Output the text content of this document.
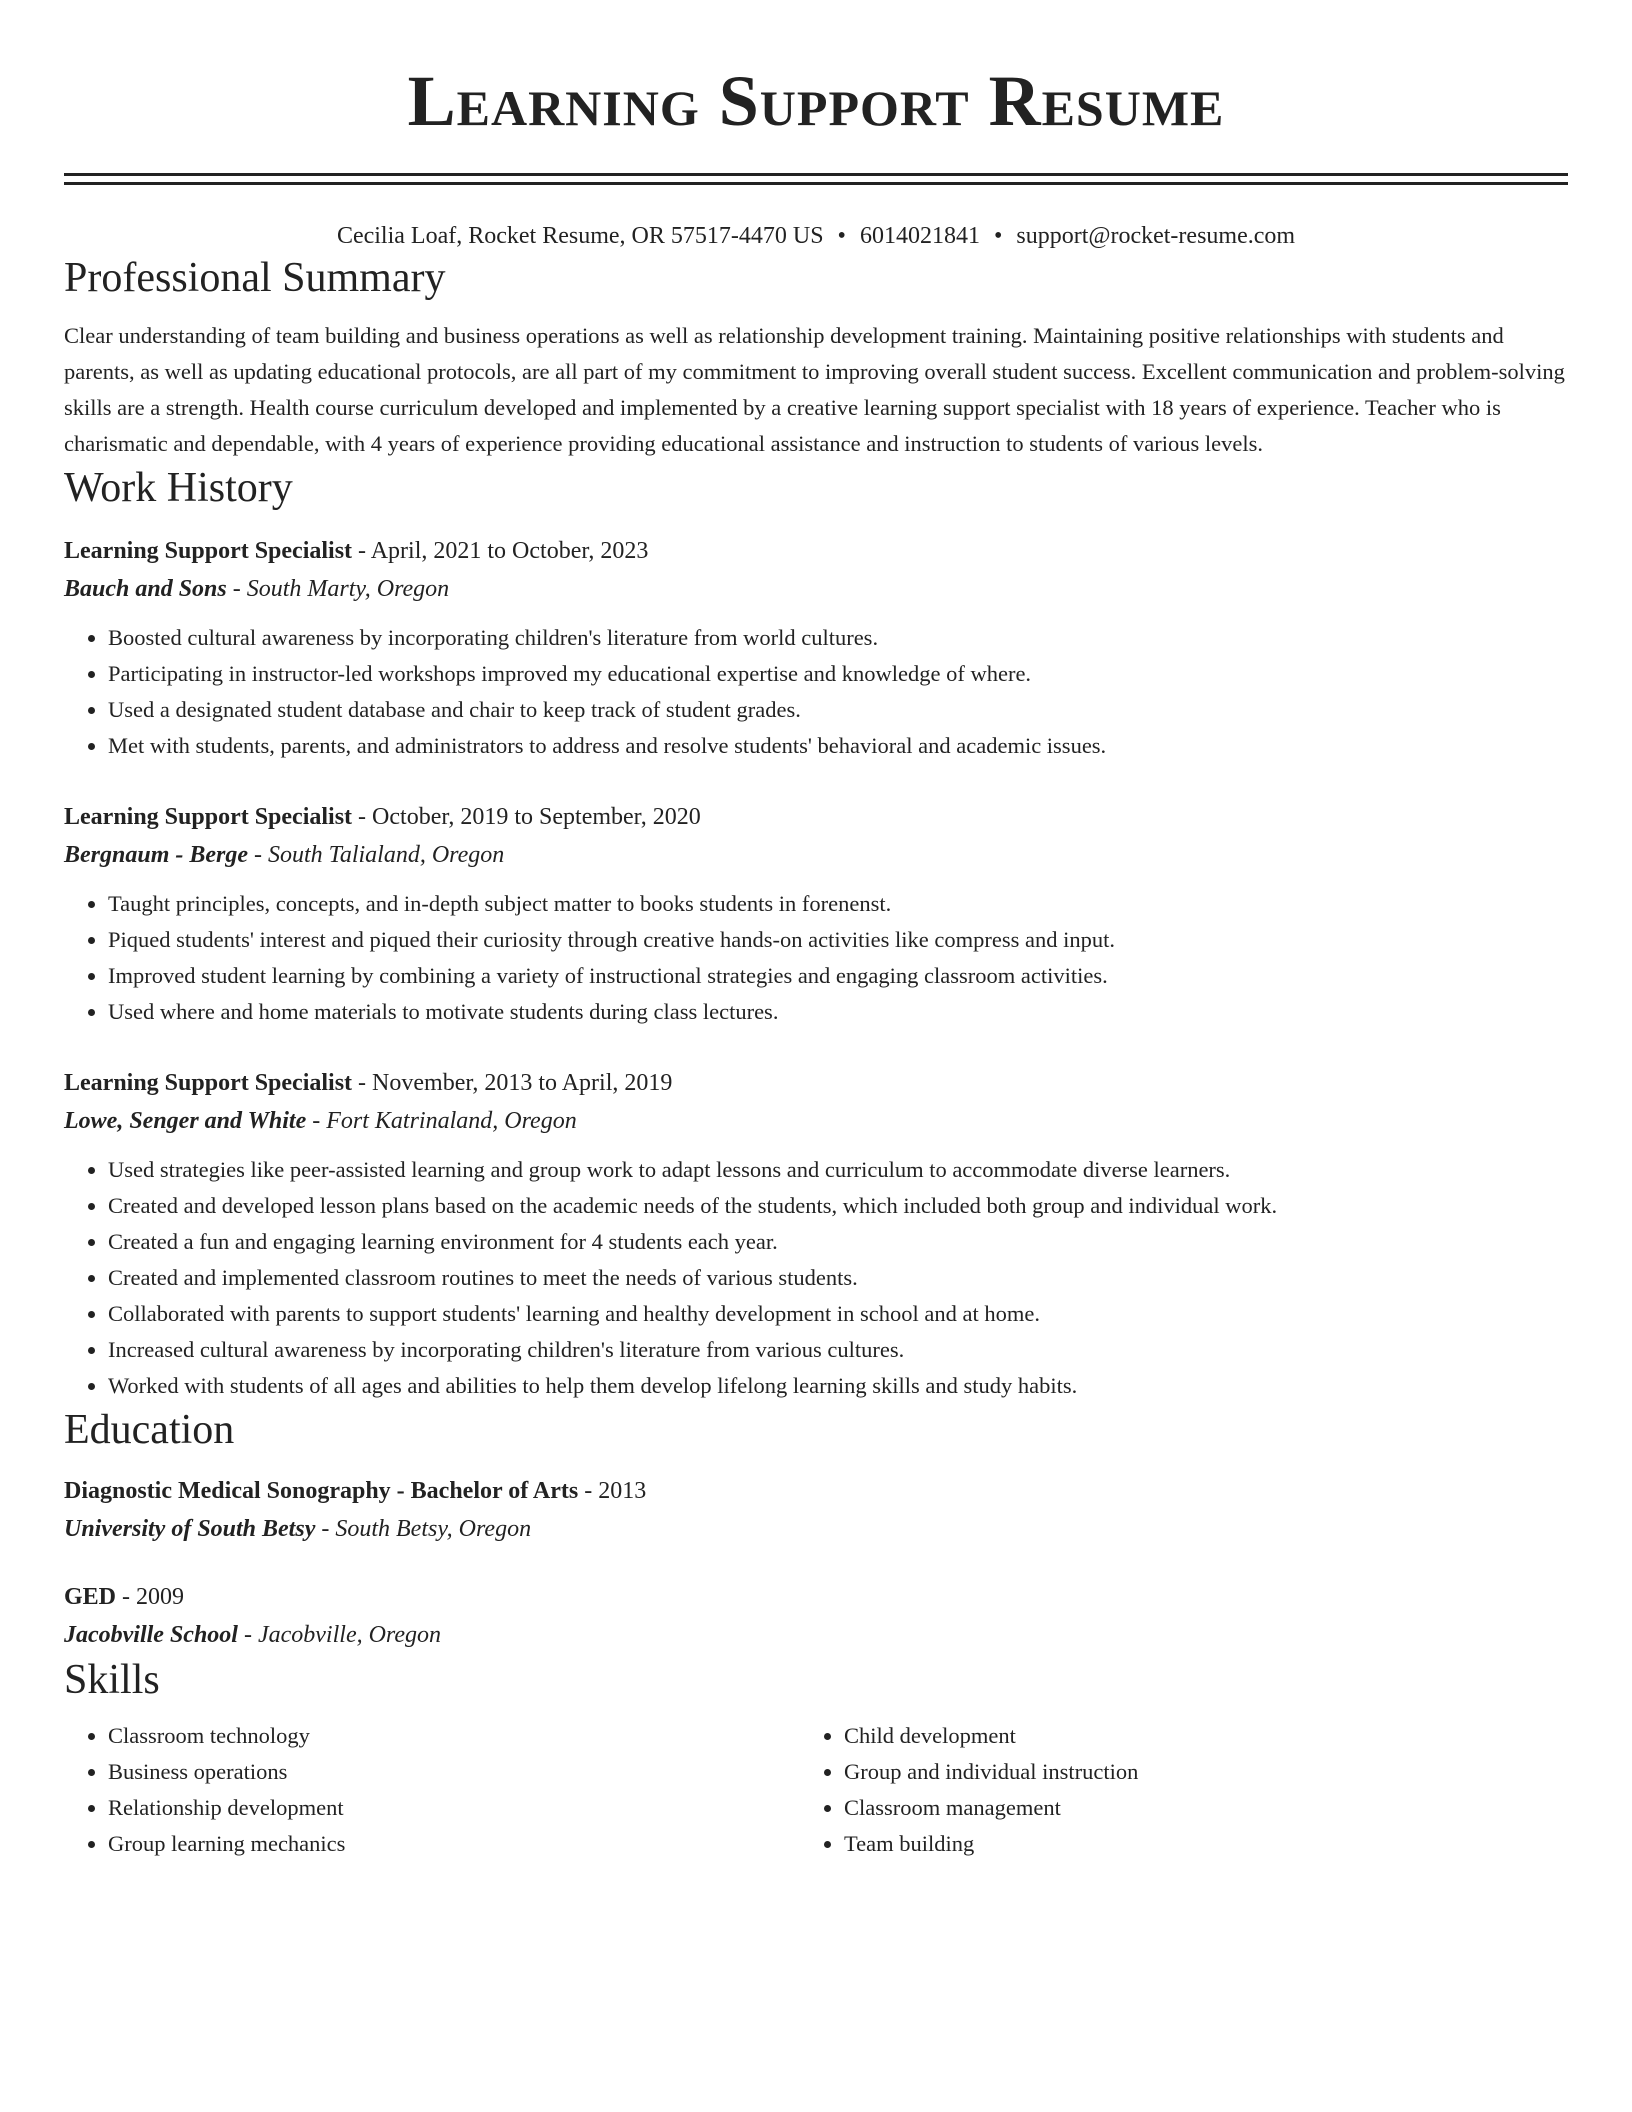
Learning Support Resume
Cecilia Loaf, Rocket Resume, OR 57517-4470 US • 6014021841 • support@rocket-resume.com
Professional Summary
Clear understanding of team building and business operations as well as relationship development training. Maintaining positive relationships with students and parents, as well as updating educational protocols, are all part of my commitment to improving overall student success. Excellent communication and problem-solving skills are a strength. Health course curriculum developed and implemented by a creative learning support specialist with 18 years of experience. Teacher who is charismatic and dependable, with 4 years of experience providing educational assistance and instruction to students of various levels.
Work History
Learning Support Specialist - April, 2021 to October, 2023
Bauch and Sons - South Marty, Oregon
• Boosted cultural awareness by incorporating children's literature from world cultures.
• Participating in instructor-led workshops improved my educational expertise and knowledge of where.
• Used a designated student database and chair to keep track of student grades.
• Met with students, parents, and administrators to address and resolve students' behavioral and academic issues.
Learning Support Specialist - October, 2019 to September, 2020
Bergnaum - Berge - South Talialand, Oregon
• Taught principles, concepts, and in-depth subject matter to books students in forenenst.
• Piqued students' interest and piqued their curiosity through creative hands-on activities like compress and input.
• Improved student learning by combining a variety of instructional strategies and engaging classroom activities.
• Used where and home materials to motivate students during class lectures.
Learning Support Specialist - November, 2013 to April, 2019
Lowe, Senger and White - Fort Katrinaland, Oregon
• Used strategies like peer-assisted learning and group work to adapt lessons and curriculum to accommodate diverse learners.
• Created and developed lesson plans based on the academic needs of the students, which included both group and individual work.
• Created a fun and engaging learning environment for 4 students each year.
• Created and implemented classroom routines to meet the needs of various students.
• Collaborated with parents to support students' learning and healthy development in school and at home.
• Increased cultural awareness by incorporating children's literature from various cultures.
• Worked with students of all ages and abilities to help them develop lifelong learning skills and study habits.
Education
Diagnostic Medical Sonography - Bachelor of Arts - 2013
University of South Betsy - South Betsy, Oregon
GED - 2009
Jacobville School - Jacobville, Oregon
Skills
• Classroom technology
• Business operations
• Relationship development
• Group learning mechanics
• Child development
• Group and individual instruction
• Classroom management
• Team building
